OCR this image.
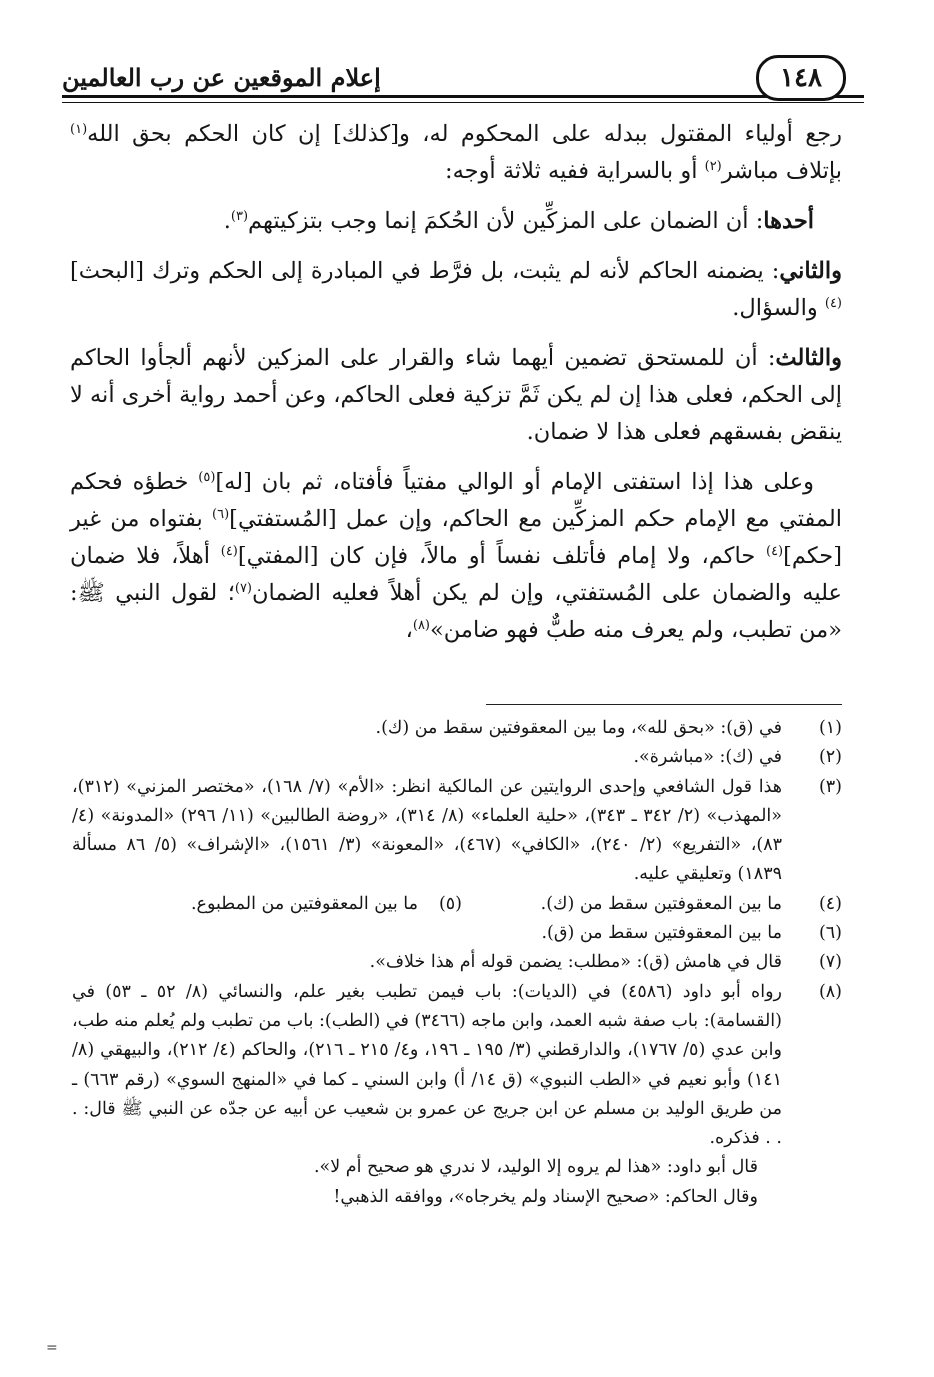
١٤٨
إعلام الموقعين عن رب العالمين

رجع أولياء المقتول ببدله على المحكوم له، و[كذلك] إن كان الحكم بحق الله$^{(١)}$ بإتلاف مباشر$^{(٢)}$ أو بالسراية ففيه ثلاثة أوجه:

أحدها: أن الضمان على المزكِّين لأن الحُكمَ إنما وجب بتزكيتهم$^{(٣)}$.

والثاني: يضمنه الحاكم لأنه لم يثبت، بل فرَّط في المبادرة إلى الحكم وترك [البحث]$^{(٤)}$ والسؤال.

والثالث: أن للمستحق تضمين أيهما شاء والقرار على المزكين لأنهم ألجأوا الحاكم إلى الحكم، فعلى هذا إن لم يكن ثَمَّ تزكية فعلى الحاكم، وعن أحمد رواية أخرى أنه لا ينقض بفسقهم فعلى هذا لا ضمان.

وعلى هذا إذا استفتى الإمام أو الوالي مفتياً فأفتاه، ثم بان [له]$^{(٥)}$ خطؤه فحكم المفتي مع الإمام حكم المزكِّين مع الحاكم، وإن عمل [المُستفتي]$^{(٦)}$ بفتواه من غير [حكم]$^{(٤)}$ حاكم، ولا إمام فأتلف نفساً أو مالاً، فإن كان [المفتي]$^{(٤)}$ أهلاً، فلا ضمان عليه والضمان على المُستفتي، وإن لم يكن أهلاً فعليه الضمان$^{(٧)}$؛ لقول النبي ﷺ: «من تطبب، ولم يعرف منه طبٌّ فهو ضامن»$^{(٨)}$،

(١)
في (ق): «بحق لله»، وما بين المعقوفتين سقط من (ك).
(٢)
في (ك): «مباشرة».
(٣)
هذا قول الشافعي وإحدى الروايتين عن المالكية انظر: «الأم» (٧/ ١٦٨)، «مختصر المزني» (٣١٢)، «المهذب» (٢/ ٣٤٢ ـ ٣٤٣)، «حلية العلماء» (٨/ ٣١٤)، «روضة الطالبين» (١١/ ٢٩٦) «المدونة» (٤/ ٨٣)، «التفريع» (٢/ ٢٤٠)، «الكافي» (٤٦٧)، «المعونة» (٣/ ١٥٦١)، «الإشراف» (٥/ ٨٦ مسألة ١٨٣٩) وتعليقي عليه.
(٤)
ما بين المعقوفتين سقط من (ك).
(٥)
ما بين المعقوفتين من المطبوع.
(٦)
ما بين المعقوفتين سقط من (ق).
(٧)
قال في هامش (ق): «مطلب: يضمن قوله أم هذا خلاف».
(٨)
رواه أبو داود (٤٥٨٦) في (الديات): باب فيمن تطبب بغير علم، والنسائي (٨/ ٥٢ ـ ٥٣) في (القسامة): باب صفة شبه العمد، وابن ماجه (٣٤٦٦) في (الطب): باب من تطبب ولم يُعلم منه طب، وابن عدي (٥/ ١٧٦٧)، والدارقطني (٣/ ١٩٥ ـ ١٩٦، و٤/ ٢١٥ ـ ٢١٦)، والحاكم (٤/ ٢١٢)، والبيهقي (٨/ ١٤١) وأبو نعيم في «الطب النبوي» (ق ١٤/ أ) وابن السني ـ كما في «المنهج السوي» (رقم ٦٦٣) ـ من طريق الوليد بن مسلم عن ابن جريج عن عمرو بن شعيب عن أبيه عن جدّه عن النبي ﷺ قال: . . . فذكره.
قال أبو داود: «هذا لم يروه إلا الوليد، لا ندري هو صحيح أم لا».
وقال الحاكم: «صحيح الإسناد ولم يخرجاه»، ووافقه الذهبي!
=
